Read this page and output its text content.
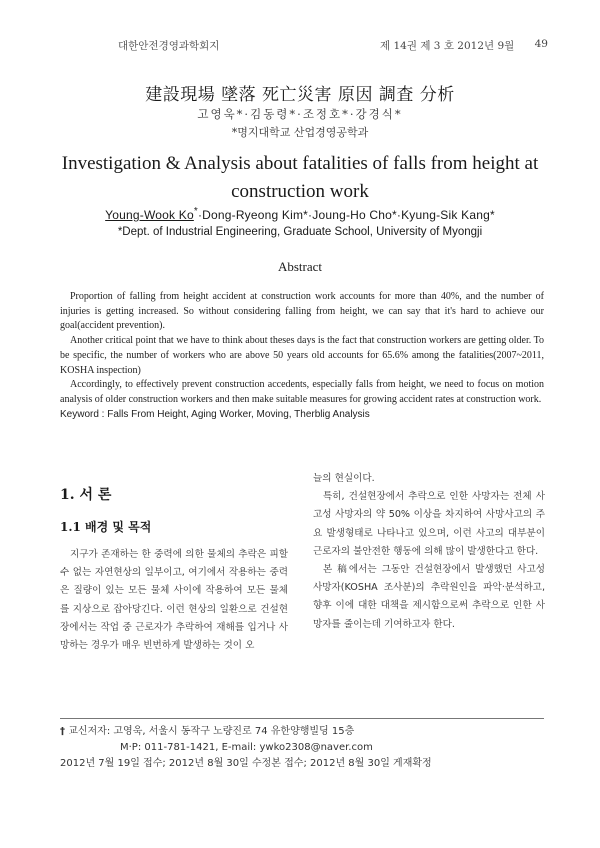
대한안전경영과학회지	제 14권 제 3 호 2012년 9월 49
建設現場 墜落 死亡災害 原因 調査 分析
고영욱*·김동령*·조정호*·강경식*
*명지대학교 산업경영공학과
Investigation & Analysis about fatalities of falls from height at
construction work
Young-Wook Ko*·Dong-Ryeong Kim*·Joung-Ho Cho*·Kyung-Sik Kang*
*Dept. of Industrial Engineering, Graduate School, University of Myongji
Abstract

Proportion of falling from height accident at construction work accounts for more than 40%, and the number of injuries is getting increased. So without considering falling from height, we can say that it's hard to achieve our goal(accident prevention).

Another critical point that we have to think about theses days is the fact that construction workers are getting older. To be specific, the number of workers who are above 50 years old accounts for 65.6% among the fatalities(2007~2011, KOSHA inspection)

Accordingly, to effectively prevent construction accedents, especially falls from height, we need to focus on motion analysis of older construction workers and then make suitable measures for growing accident rates at construction work.

Keyword : Falls From Height, Aging Worker, Moving, Therblig Analysis

1. 서 론
1.1 배경 및 목적

지구가 존재하는 한 중력에 의한 물체의 추락은 피할 수 없는 자연현상의 일부이고, 여기에서 작용하는 중력은 질량이 있는 모든 물체 사이에 작용하여 모든 물체를 지상으로 잡아당긴다. 이런 현상의 일환으로 건설현장에서는 작업 중 근로자가 추락하여 재해를 입거나 사망하는 경우가 매우 빈번하게 발생하는 것이 오

늘의 현실이다.

특히, 건설현장에서 추락으로 인한 사망자는 전체 사고성 사망자의 약 50% 이상을 차지하여 사망사고의 주요 발생형태로 나타나고 있으며, 이런 사고의 대부분이 근로자의 불안전한 행동에 의해 많이 발생한다고 한다.

본 稿에서는 그동안 건설현장에서 발생했던 사고성 사망자(KOSHA 조사분)의 추락원인을 파악·분석하고, 향후 이에 대한 대책을 제시함으로써 추락으로 인한 사망자를 줄이는데 기여하고자 한다.

† 교신저자: 고영욱, 서울시 동작구 노량진로 74 유한양행빌딩 15층
M·P: 011-781-1421, E-mail: ywko2308@naver.com
2012년 7월 19일 접수; 2012년 8월 30일 수정본 접수; 2012년 8월 30일 게재확정
